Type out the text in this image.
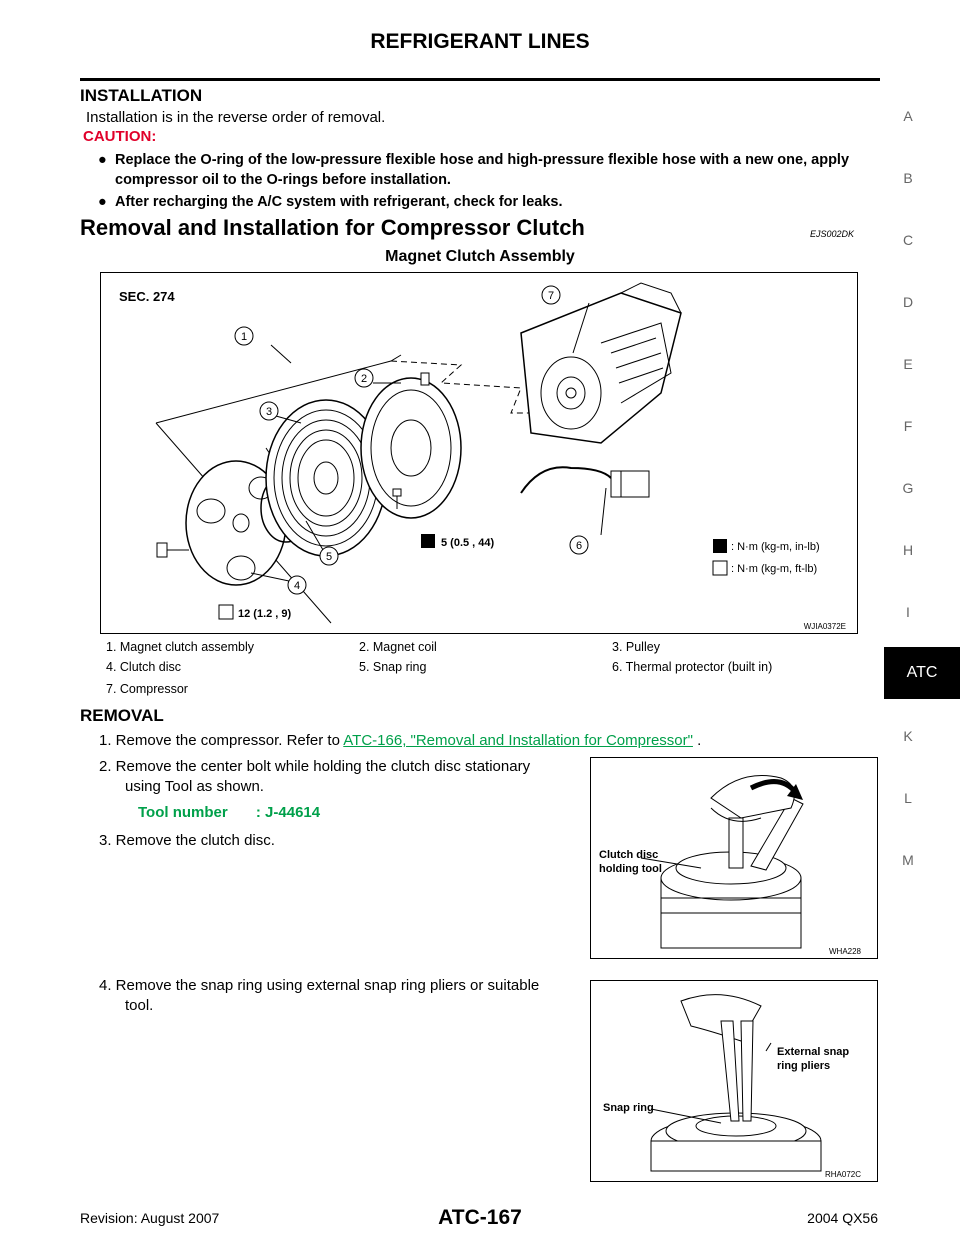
REFRIGERANT LINES
INSTALLATION
Installation is in the reverse order of removal.
CAUTION:
● Replace the O-ring of the low-pressure flexible hose and high-pressure flexible hose with a new one, apply compressor oil to the O-rings before installation.
● After recharging the A/C system with refrigerant, check for leaks.
Removal and Installation for Compressor Clutch	EJS002DK
Magnet Clutch Assembly
SEC. 274
1
2
3
4
5
6
7
5 (0.5 , 44)
12 (1.2 , 9)
: N·m (kg-m, in-lb)
: N·m (kg-m, ft-lb)
WJIA0372E
1. Magnet clutch assembly	2. Magnet coil	3. Pulley
4. Clutch disc	5. Snap ring	6. Thermal protector (built in)
7. Compressor
A
B
C
D
E
F
G
H
I
ATC
K
L
M
REMOVAL
1. Remove the compressor. Refer to ATC-166, "Removal and Installation for Compressor" .
2. Remove the center bolt while holding the clutch disc stationary
using Tool as shown.
Tool number : J-44614
3. Remove the clutch disc.
4. Remove the snap ring using external snap ring pliers or suitable
tool.
Clutch disc
holding tool
WHA228
External snap
ring pliers
Snap ring
RHA072C
Revision: August 2007	ATC-167	2004 QX56
